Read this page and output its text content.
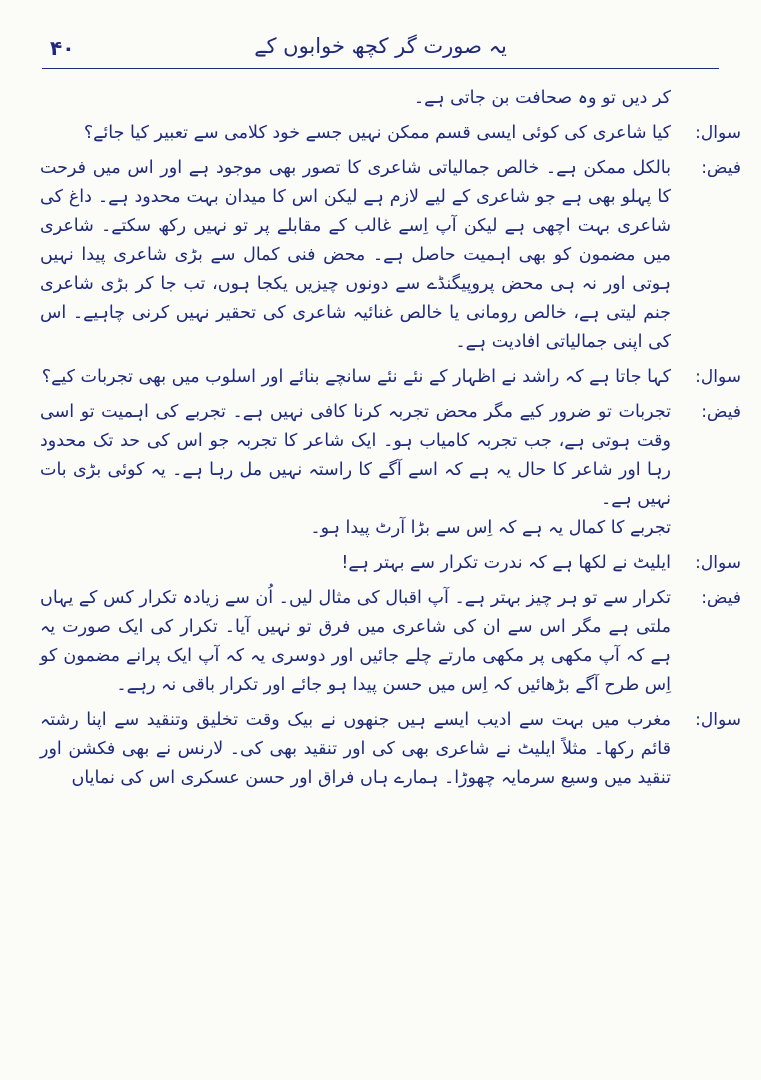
۴۰	یہ صورت گر کچھ خوابوں کے
کر دیں تو وہ صحافت بن جاتی ہے۔
سوال:
کیا شاعری کی کوئی ایسی قسم ممکن نہیں جسے خود کلامی سے تعبیر کیا جائے؟
فیض:
بالکل ممکن ہے۔ خالص جمالیاتی شاعری کا تصور بھی موجود ہے اور اس میں فرحت کا پہلو بھی ہے جو شاعری کے لیے لازم ہے لیکن اس کا میدان بہت محدود ہے۔ داغ کی شاعری بہت اچھی ہے لیکن آپ اِسے غالب کے مقابلے پر تو نہیں رکھ سکتے۔ شاعری میں مضمون کو بھی اہمیت حاصل ہے۔ محض فنی کمال سے بڑی شاعری پیدا نہیں ہوتی اور نہ ہی محض پروپیگنڈے سے دونوں چیزیں یکجا ہوں، تب جا کر بڑی شاعری جنم لیتی ہے، خالص رومانی یا خالص غنائیہ شاعری کی تحقیر نہیں کرنی چاہیے۔ اس کی اپنی جمالیاتی افادیت ہے۔
سوال:
کہا جاتا ہے کہ راشد نے اظہار کے نئے نئے سانچے بنائے اور اسلوب میں بھی تجربات کیے؟
فیض:
تجربات تو ضرور کیے مگر محض تجربہ کرنا کافی نہیں ہے۔ تجربے کی اہمیت تو اسی وقت ہوتی ہے، جب تجربہ کامیاب ہو۔ ایک شاعر کا تجربہ جو اس کی حد تک محدود رہا اور شاعر کا حال یہ ہے کہ اسے آگے کا راستہ نہیں مل رہا ہے۔ یہ کوئی بڑی بات نہیں ہے۔
تجربے کا کمال یہ ہے کہ اِس سے بڑا آرٹ پیدا ہو۔
سوال:
ایلیٹ نے لکھا ہے کہ ندرت تکرار سے بہتر ہے!
فیض:
تکرار سے تو ہر چیز بہتر ہے۔ آپ اقبال کی مثال لیں۔ اُن سے زیادہ تکرار کس کے یہاں ملتی ہے مگر اس سے ان کی شاعری میں فرق تو نہیں آیا۔ تکرار کی ایک صورت یہ ہے کہ آپ مکھی پر مکھی مارتے چلے جائیں اور دوسری یہ کہ آپ ایک پرانے مضمون کو اِس طرح آگے بڑھائیں کہ اِس میں حسن پیدا ہو جائے اور تکرار باقی نہ رہے۔
سوال:
مغرب میں بہت سے ادیب ایسے ہیں جنھوں نے بیک وقت تخلیق وتنقید سے اپنا رشتہ قائم رکھا۔ مثلاً ایلیٹ نے شاعری بھی کی اور تنقید بھی کی۔ لارنس نے بھی فکشن اور تنقید میں وسیع سرمایہ چھوڑا۔ ہمارے ہاں فراق اور حسن عسکری اس کی نمایاں
